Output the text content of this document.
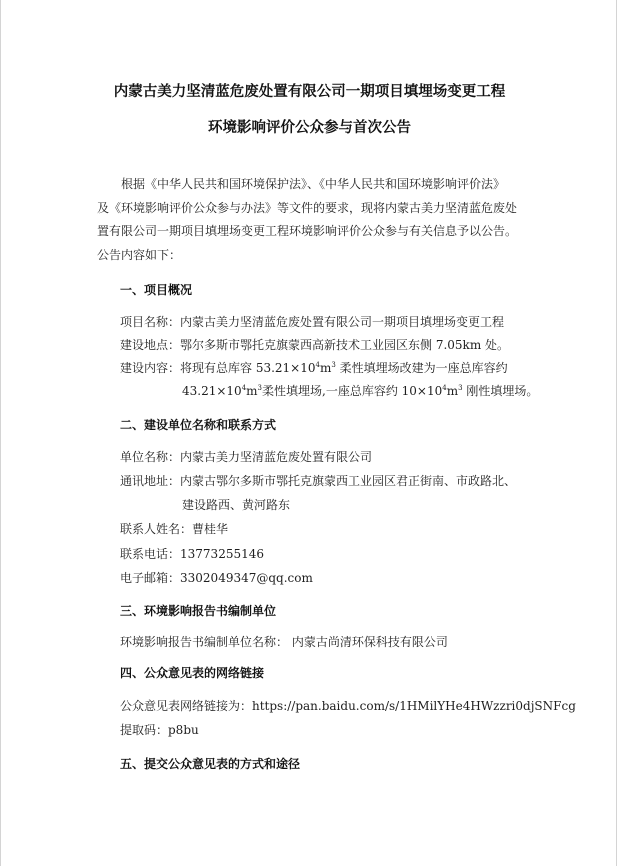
内蒙古美力坚清蓝危废处置有限公司一期项目填埋场变更工程
环境影响评价公众参与首次公告
根据《中华人民共和国环境保护法》、《中华人民共和国环境影响评价法》
及《环境影响评价公众参与办法》等文件的要求，现将内蒙古美力坚清蓝危废处
置有限公司一期项目填埋场变更工程环境影响评价公众参与有关信息予以公告。
公告内容如下：
一、项目概况
项目名称：内蒙古美力坚清蓝危废处置有限公司一期项目填埋场变更工程
建设地点：鄂尔多斯市鄂托克旗蒙西高新技术工业园区东侧 7.05km 处。
建设内容：将现有总库容 $53.21\times 10^4m^3$ 柔性填埋场改建为一座总库容约
$43.21\times 10^4m^3$柔性填埋场,一座总库容约 $10\times 10^4m^3$ 刚性填埋场。
二、建设单位名称和联系方式
单位名称：内蒙古美力坚清蓝危废处置有限公司
通讯地址：内蒙古鄂尔多斯市鄂托克旗蒙西工业园区君正街南、市政路北、
建设路西、黄河路东
联系人姓名：曹桂华
联系电话：13773255146
电子邮箱：3302049347@qq.com
三、环境影响报告书编制单位
环境影响报告书编制单位名称： 内蒙古尚清环保科技有限公司
四、公众意见表的网络链接
公众意见表网络链接为：https://pan.baidu.com/s/1HMilYHe4HWzzri0djSNFcg
提取码：p8bu
五、提交公众意见表的方式和途径
